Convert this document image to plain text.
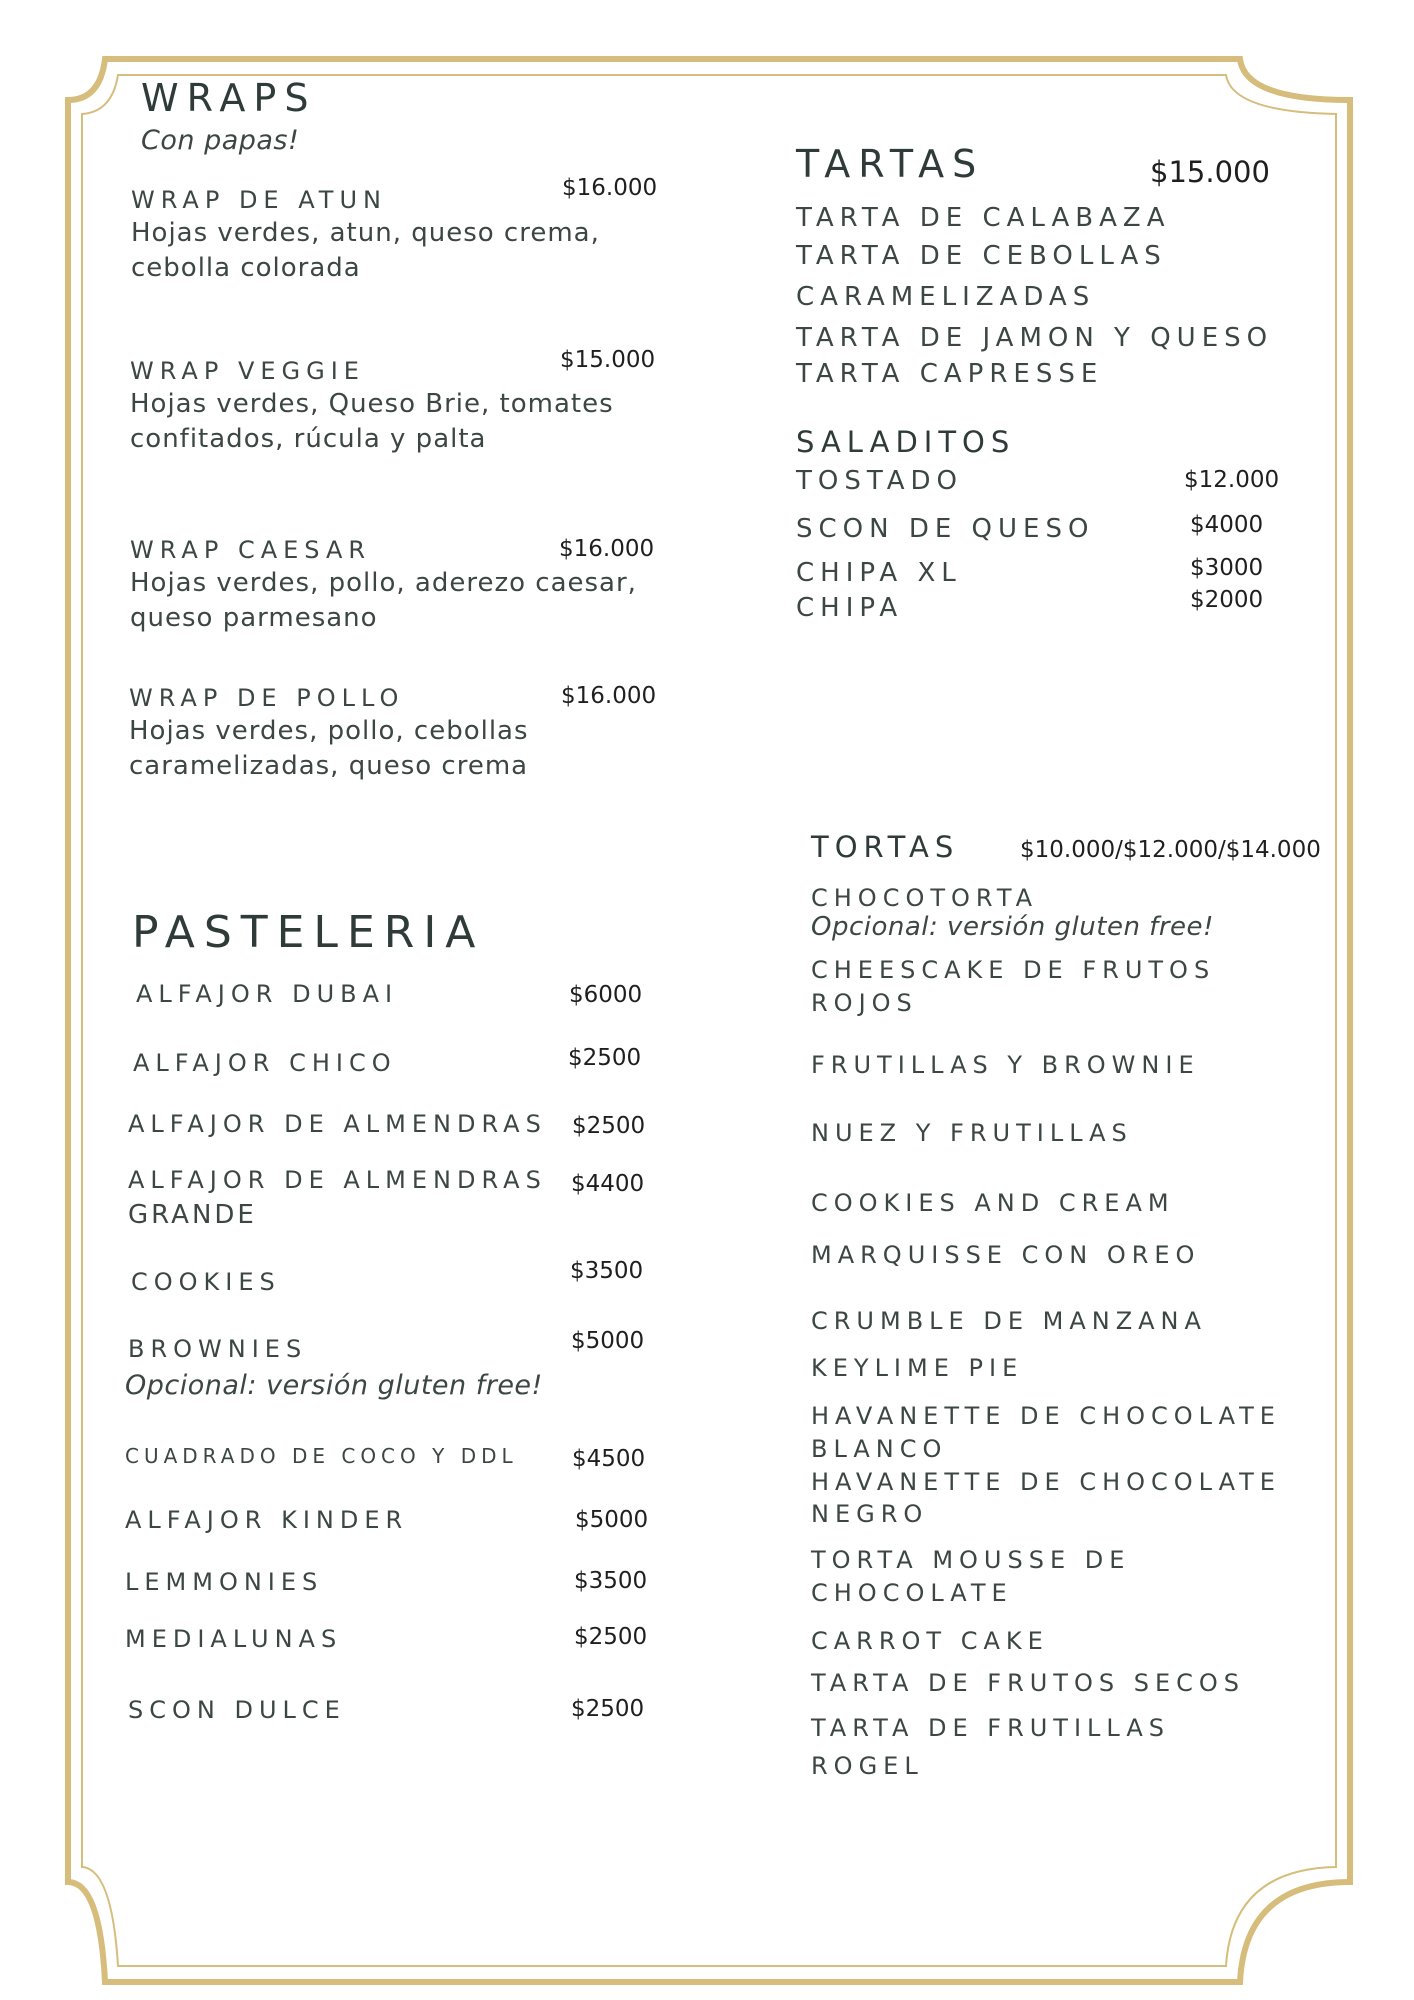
WRAPS
Con papas!
WRAP DE ATUN	$16.000
Hojas verdes, atun, queso crema,
cebolla colorada
WRAP VEGGIE	$15.000
Hojas verdes, Queso Brie, tomates
confitados, rúcula y palta
WRAP CAESAR	$16.000
Hojas verdes, pollo, aderezo caesar,
queso parmesano
WRAP DE POLLO	$16.000
Hojas verdes, pollo, cebollas
caramelizadas, queso crema
TARTAS	$15.000
TARTA DE CALABAZA
TARTA DE CEBOLLAS
CARAMELIZADAS
TARTA DE JAMON Y QUESO
TARTA CAPRESSE
SALADITOS
TOSTADO	$12.000
SCON DE QUESO	$4000
CHIPA XL	$3000
CHIPA	$2000
PASTELERIA
ALFAJOR DUBAI	$6000
ALFAJOR CHICO	$2500
ALFAJOR DE ALMENDRAS $2500
ALFAJOR DE ALMENDRAS
GRANDE
$4400
COOKIES	$3500
BROWNIES	$5000
Opcional: versión gluten free!
CUADRADO DE COCO Y DDL $4500
ALFAJOR KINDER	$5000
LEMMONIES	$3500
MEDIALUNAS	$2500
SCON DULCE	$2500
TORTAS	$10.000/$12.000/$14.000
CHOCOTORTA
Opcional: versión gluten free!
CHEESCAKE DE FRUTOS
ROJOS
FRUTILLAS Y BROWNIE
NUEZ Y FRUTILLAS
COOKIES AND CREAM
MARQUISSE CON OREO
CRUMBLE DE MANZANA
KEYLIME PIE
HAVANETTE DE CHOCOLATE
BLANCO
HAVANETTE DE CHOCOLATE
NEGRO
TORTA MOUSSE DE
CHOCOLATE
CARROT CAKE
TARTA DE FRUTOS SECOS
TARTA DE FRUTILLAS
ROGEL
